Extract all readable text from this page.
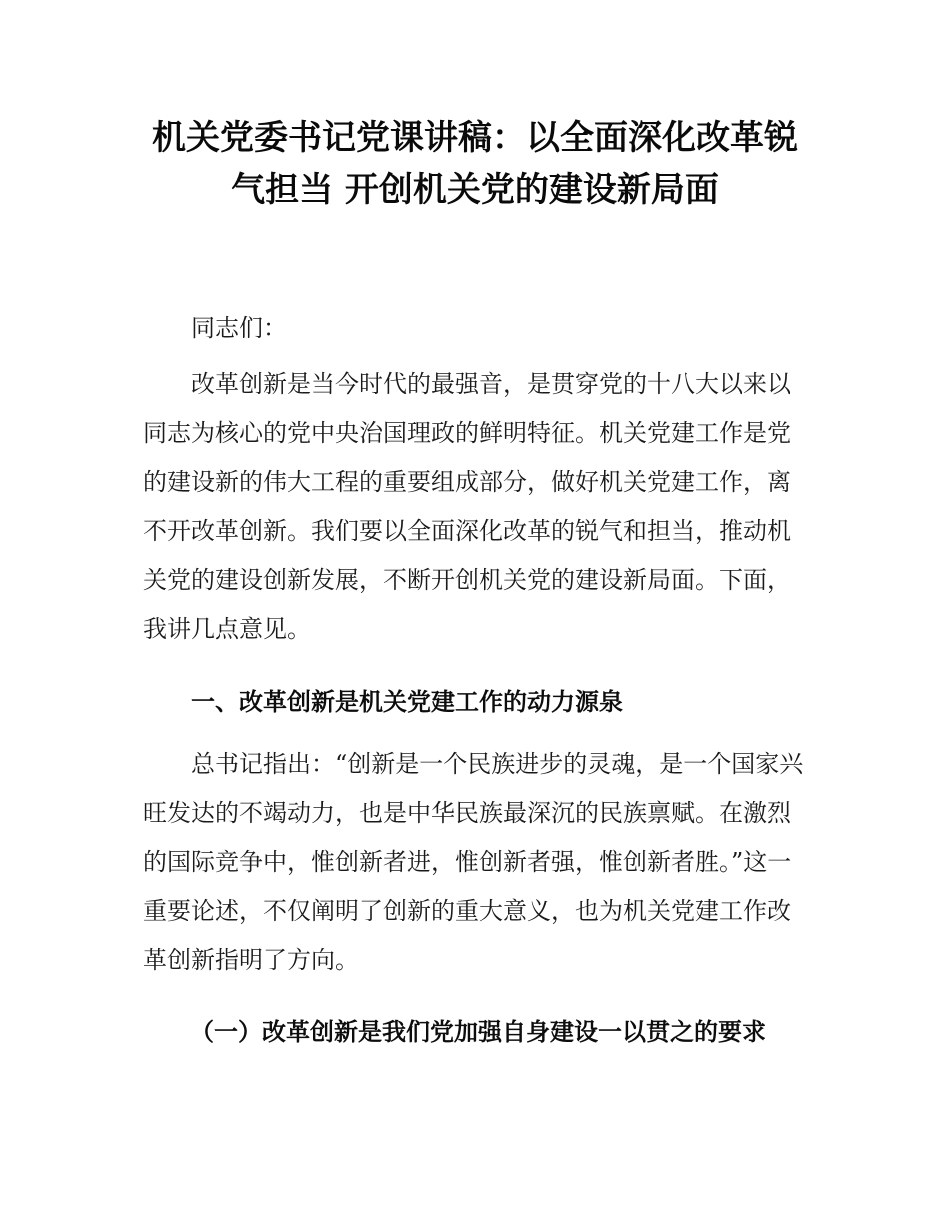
机关党委书记党课讲稿：以全面深化改革锐
气担当 开创机关党的建设新局面

同志们：

改革创新是当今时代的最强音，是贯穿党的十八大以来以同志为核心的党中央治国理政的鲜明特征。机关党建工作是党的建设新的伟大工程的重要组成部分，做好机关党建工作，离不开改革创新。我们要以全面深化改革的锐气和担当，推动机关党的建设创新发展，不断开创机关党的建设新局面。下面，我讲几点意见。

一、改革创新是机关党建工作的动力源泉

总书记指出：“创新是一个民族进步的灵魂，是一个国家兴旺发达的不竭动力，也是中华民族最深沉的民族禀赋。在激烈的国际竞争中，惟创新者进，惟创新者强，惟创新者胜。”这一重要论述，不仅阐明了创新的重大意义，也为机关党建工作改革创新指明了方向。

（一）改革创新是我们党加强自身建设一以贯之的要求
